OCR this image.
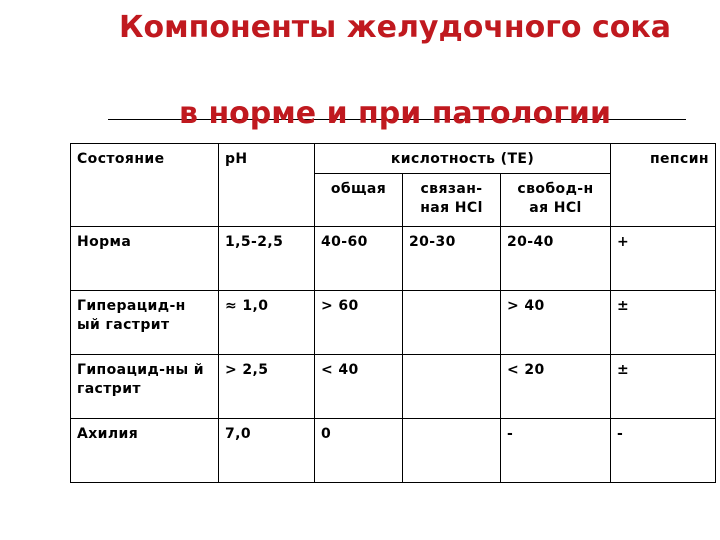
Компоненты желудочного сока
в норме и при патологии
Состояние	pH	кислотность (ТЕ)			пепсин
		общая	связан-ная HCl	свобод-н ая HCl	
Норма	1,5-2,5	40-60	20-30	20-40	+
Гиперацид-н ый гастрит	≈ 1,0	> 60		> 40	±
Гипоацид-ны й гастрит	> 2,5	< 40		< 20	±
Ахилия	7,0	0		-	-
